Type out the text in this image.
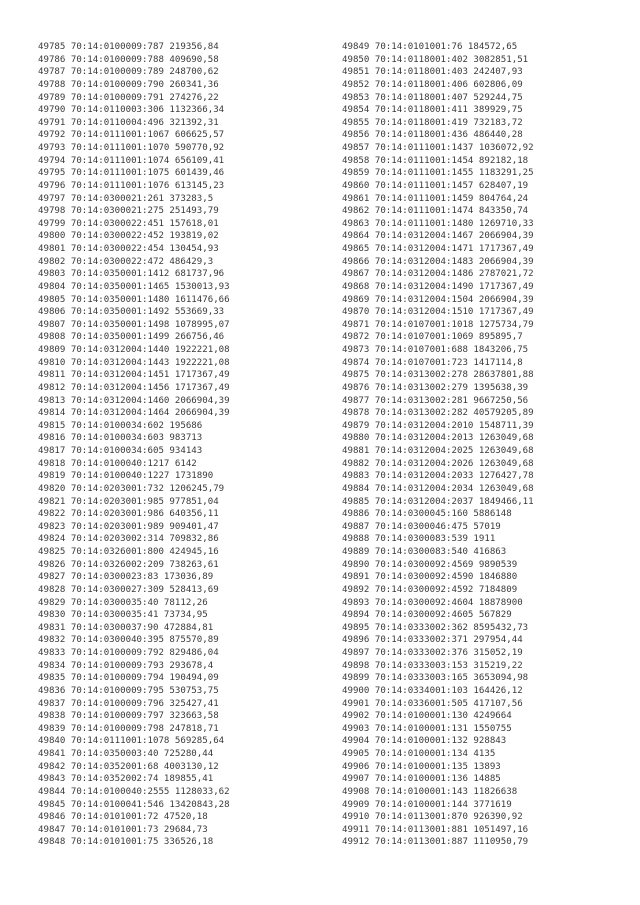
49785 70:14:0100009:787 219356,84
49786 70:14:0100009:788 409690,58
49787 70:14:0100009:789 248700,62
49788 70:14:0100009:790 260341,36
49789 70:14:0100009:791 274276,22
49790 70:14:0110003:306 1132366,34
49791 70:14:0110004:496 321392,31
49792 70:14:0111001:1067 606625,57
49793 70:14:0111001:1070 590770,92
49794 70:14:0111001:1074 656109,41
49795 70:14:0111001:1075 601439,46
49796 70:14:0111001:1076 613145,23
49797 70:14:0300021:261 373283,5
49798 70:14:0300021:275 251493,79
49799 70:14:0300022:451 157618,01
49800 70:14:0300022:452 193819,02
49801 70:14:0300022:454 130454,93
49802 70:14:0300022:472 486429,3
49803 70:14:0350001:1412 681737,96
49804 70:14:0350001:1465 1530013,93
49805 70:14:0350001:1480 1611476,66
49806 70:14:0350001:1492 553669,33
49807 70:14:0350001:1498 1078995,07
49808 70:14:0350001:1499 266756,46
49809 70:14:0312004:1440 1922221,08
49810 70:14:0312004:1443 1922221,08
49811 70:14:0312004:1451 1717367,49
49812 70:14:0312004:1456 1717367,49
49813 70:14:0312004:1460 2066904,39
49814 70:14:0312004:1464 2066904,39
49815 70:14:0100034:602 195686
49816 70:14:0100034:603 983713
49817 70:14:0100034:605 934143
49818 70:14:0100040:1217 6142
49819 70:14:0100040:1227 1731890
49820 70:14:0203001:732 1206245,79
49821 70:14:0203001:985 977851,04
49822 70:14:0203001:986 640356,11
49823 70:14:0203001:989 909401,47
49824 70:14:0203002:314 709832,86
49825 70:14:0326001:800 424945,16
49826 70:14:0326002:209 738263,61
49827 70:14:0300023:83 173036,89
49828 70:14:0300027:309 528413,69
49829 70:14:0300035:40 78112,26
49830 70:14:0300035:41 73734,95
49831 70:14:0300037:90 472884,81
49832 70:14:0300040:395 875570,89
49833 70:14:0100009:792 829486,04
49834 70:14:0100009:793 293678,4
49835 70:14:0100009:794 190494,09
49836 70:14:0100009:795 530753,75
49837 70:14:0100009:796 325427,41
49838 70:14:0100009:797 323663,58
49839 70:14:0100009:798 247818,71
49840 70:14:0111001:1078 569285,64
49841 70:14:0350003:40 725280,44
49842 70:14:0352001:68 4003130,12
49843 70:14:0352002:74 189855,41
49844 70:14:0100040:2555 1128033,62
49845 70:14:0100041:546 13420843,28
49846 70:14:0101001:72 47520,18
49847 70:14:0101001:73 29684,73
49848 70:14:0101001:75 336526,18
49849 70:14:0101001:76 184572,65
49850 70:14:0118001:402 3082851,51
49851 70:14:0118001:403 242407,93
49852 70:14:0118001:406 602806,09
49853 70:14:0118001:407 529244,75
49854 70:14:0118001:411 389929,75
49855 70:14:0118001:419 732183,72
49856 70:14:0118001:436 486440,28
49857 70:14:0111001:1437 1036072,92
49858 70:14:0111001:1454 892182,18
49859 70:14:0111001:1455 1183291,25
49860 70:14:0111001:1457 628407,19
49861 70:14:0111001:1459 804764,24
49862 70:14:0111001:1474 843350,74
49863 70:14:0111001:1480 1269710,33
49864 70:14:0312004:1467 2066904,39
49865 70:14:0312004:1471 1717367,49
49866 70:14:0312004:1483 2066904,39
49867 70:14:0312004:1486 2787021,72
49868 70:14:0312004:1490 1717367,49
49869 70:14:0312004:1504 2066904,39
49870 70:14:0312004:1510 1717367,49
49871 70:14:0107001:1018 1275734,79
49872 70:14:0107001:1069 895895,7
49873 70:14:0107001:688 1843206,75
49874 70:14:0107001:723 1417114,8
49875 70:14:0313002:278 28637801,88
49876 70:14:0313002:279 1395638,39
49877 70:14:0313002:281 9667250,56
49878 70:14:0313002:282 40579205,89
49879 70:14:0312004:2010 1548711,39
49880 70:14:0312004:2013 1263049,68
49881 70:14:0312004:2025 1263049,68
49882 70:14:0312004:2026 1263049,68
49883 70:14:0312004:2033 1276427,78
49884 70:14:0312004:2034 1263049,68
49885 70:14:0312004:2037 1849466,11
49886 70:14:0300045:160 5886148
49887 70:14:0300046:475 57019
49888 70:14:0300083:539 1911
49889 70:14:0300083:540 416863
49890 70:14:0300092:4569 9890539
49891 70:14:0300092:4590 1846880
49892 70:14:0300092:4592 7184809
49893 70:14:0300092:4604 18878900
49894 70:14:0300092:4605 567829
49895 70:14:0333002:362 8595432,73
49896 70:14:0333002:371 297954,44
49897 70:14:0333002:376 315052,19
49898 70:14:0333003:153 315219,22
49899 70:14:0333003:165 3653094,98
49900 70:14:0334001:103 164426,12
49901 70:14:0336001:505 417107,56
49902 70:14:0100001:130 4249664
49903 70:14:0100001:131 1550755
49904 70:14:0100001:132 928843
49905 70:14:0100001:134 4135
49906 70:14:0100001:135 13893
49907 70:14:0100001:136 14885
49908 70:14:0100001:143 11826638
49909 70:14:0100001:144 3771619
49910 70:14:0113001:870 926390,92
49911 70:14:0113001:881 1051497,16
49912 70:14:0113001:887 1110950,79
